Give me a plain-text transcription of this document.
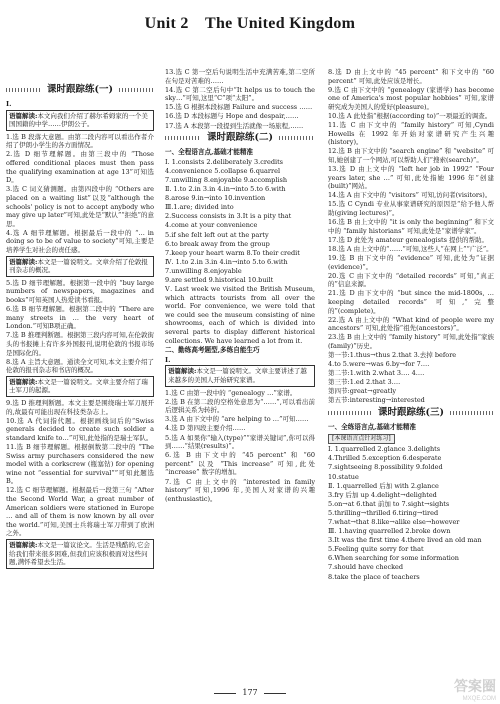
Unit 2　The United Kingdom
课时跟踪练(一)
Ⅰ.
语篇解读:本文向我们介绍了赫尔希姆家的一个美国国籍的中学……伊朗公子。

1.选 B 段落大意题。由第二段内容可以看出作者介绍了伊朗小学生的各方面情况。

2.选 D 细节理解题。由第三段中的 “Those offered conditional places must then pass the qualifying examination at age 13”可知选D。

3.选 C 词义猜测题。由第四段中的 “Others are placed on a waiting list”以及“although the schools' policy is not to accept anybody who may give up later”可知,此处是“默认”“拒绝”的意思。

4.选 A 细节理解题。根据最后一段中的 “… in doing so to be of value to society”可知,主要是培养学生对社会的责任感。

语篇解读:本文是一篇说明文。文章介绍了伦敦报刊杂志的概况。

5.选 D 细节理解题。根据第一段中的 “buy large numbers of newspapers, magazines and books”可知英国人热爱读书看报。

6.选 B 细节理解题。根据第二段中的 “There are many streets in … the very heart of London.”可知B项正确。

7.选 B 推理判断题。根据第三段内容可知,在伦敦街头的书报摊上有许多外国报刊,说明伦敦的书报市场是国际化的。

8.选 A 主旨大意题。通读全文可知,本文主要介绍了伦敦的报刊杂志和书店的概况。

语篇解读:本文是一篇说明文。文章主要介绍了瑞士军刀的起源。

9.选 D 推理判断题。本文主要是围绕瑞士军刀展开的,故最有可能出现在科技类杂志上。

10.选 A 代词指代题。根据画线词后的“Swiss generals decided to create such soldier a standard knife to…”可知,此处指的是瑞士军队。

11.选 B 细节理解题。根据倒数第二段中的 “The Swiss army purchasers considered the new model with a corkscrew (瓶塞钻) for opening wine not “essential for survival””可知此题选B。

12.选 C 细节理解题。根据最后一段第三句 “After the Second World War, a great number of American soldiers were stationed in Europe … and all of them is now known by all over the world.”可知,美国士兵将瑞士军刀带到了欧洲之外。

语篇解读:本文是一篇议论文。生活是残酷的,它会给我们带来很多困难,但我们应该积极面对这些问题,满怀希望去生活。

13.选 C 第一空后句说明生活中充满苦难,第二空所在句是对苦难的……

14.选 C 第二空后句中“It helps us to touch the sky…”可知,这里“C”项“太阳”。

15.选 G 根据本段标题 Failure and success ……

16.选 D 本段标题与 Hope and despair,……

17.选 A 本段第一段提到生活就像一场旅程,……

课时跟踪练(二)
一、全程语言点,基础才能精准

Ⅰ. 1.consists 2.deliberately 3.credits

4.convenience 5.collapse 6.quarrel

7.unwilling 8.enjoyable 9.accomplish

Ⅱ. 1.to 2.in 3.in 4.in→into 5.to 6.with

8.arose 9.in→into 10.invention

Ⅲ.1.are; divided into

2.Success consists in 3.It is a pity that

4.come at your convenience

5.if she felt left out at the party

6.to break away from the group

7.keep your heart warm 8.To their credit

Ⅳ. 1.to 2.in 3.in 4.in→into 5.to 6.with

7.unwilling 8.enjoyable

9.are settled 9.historical 10.built

Ⅴ. Last week we visited the British Museum, which attracts tourists from all over the world. For convenience, we were told that we could see the museum consisting of nine showrooms, each of which is divided into several parts to display different historical collections. We have learned a lot from it.

二、勤练高考题型,多练自能生巧
Ⅰ.
语篇解读:本文是一篇说明文。文章主要讲述了越来越多的美国人开始研究家谱。

1.选 C 由第一段中的 “genealogy …”家谱。

2.选 B 在第二段的空格处意思为“……”,可以看出前后逻辑关系为转折。

3.选 A 由下文中的 “are helping to …”可知……

4.选 D 第四段主要介绍……

5.选 A 如果你“输入(type)”“家谱关键词”,你可以得到……“结果(results)”。

6.选 B 由下文中的 “45 percent” 和 “60 percent” 以及 “This increase” 可知,此处 “increase” 数字的增加。

7.选 C 由上文中的 “interested in family history” 可知,1996 年,美国人对家谱的兴趣(enthusiastic)。

8.选 D 由上文中的 “45 percent” 和下文中的 “60 percent” 可知,此处应该是增长。

9.选 C 由下文中的 “genealogy (家谱学) has become one of America's most popular hobbies” 可知,家谱研究成为美国人的爱好(pleasure)。

10.选 A 此处指“根据(according to)”一项最近的调查。

11.选 C 由下文中的 “family history” 可知,Cyndi Howells 在 1992 年开始对家谱研究产生兴趣(history)。

12.选 B 由下文中的 “search engine” 和 “website” 可知,她创建了一个网站,可以帮助人们“搜索(search)”。

13.选 D 由上文中的 “left her job in 1992” “Four years later, she …” 可知,此处指她 1996 年“创建(built)”网站。

14.选 A 由下文中的 “visitors” 可知,访问者(visitors)。

15.选 C Cyndi 专业从事家谱研究的原因是“给予他人帮助(giving lectures)”。

16.选 B 由上文中的 “it is only the beginning” 和下文中的 “family historians” 可知,此处是“家谱学家”。

17.选 D 此处为 amateur genealogists 提供的帮助。

18.选 A 由上文中的“……”可知,这些人“在网上”“广泛”。

19.选 B 由下文中的 “evidence” 可知,此处为“证据(evidence)”。

20.选 C 由下文中的 “detailed records” 可知,“真正的”信息来源。

21.选 D 由下文中的 “but since the mid-1800s, … keeping detailed records” 可知,“完整的”(complete)。

22.选 A 由上文中的 “What kind of people were my ancestors” 可知,此处指“祖先(ancestors)”。

23.选 B 由上文中的 “family history” 可知,此处指“家族(family)”历史。

第一节:1.thus→thus 2.that 3.去掉 before

4.to 5.were→was 6.by→for 7.…

第二节:1.with 2.what 3.… 4.…

第三节:1.ed 2.that 3.…

第四节:great→greatly

第五节:interesting→interested

课时跟踪练(三)
一、全练语言点,基础才能精准
[本课语言点针对练习]

Ⅰ. 1.quarrelled 2.glance 3.delights

4.Thrilled 5.exception 6.desperate

7.sightseeing 8.possibility 9.folded

10.statue

Ⅱ. 1.quarrelled 后加 with 2.glance

3.fry 后加 up 4.delight→delighted

5.on→at 6.that 前加 to 7.sight→sights

5.thrilling→thrilled 6.tiring→tired

7.what→that 8.like→alike else→however

Ⅲ. 1.having quarrelled 2.broke down

3.It was the first time 4.there lived an old man

5.Feeling quite sorry for that

6.When searching for some information

7.should have checked

8.take the place of teachers

177	答案圈
MXQE.COM
